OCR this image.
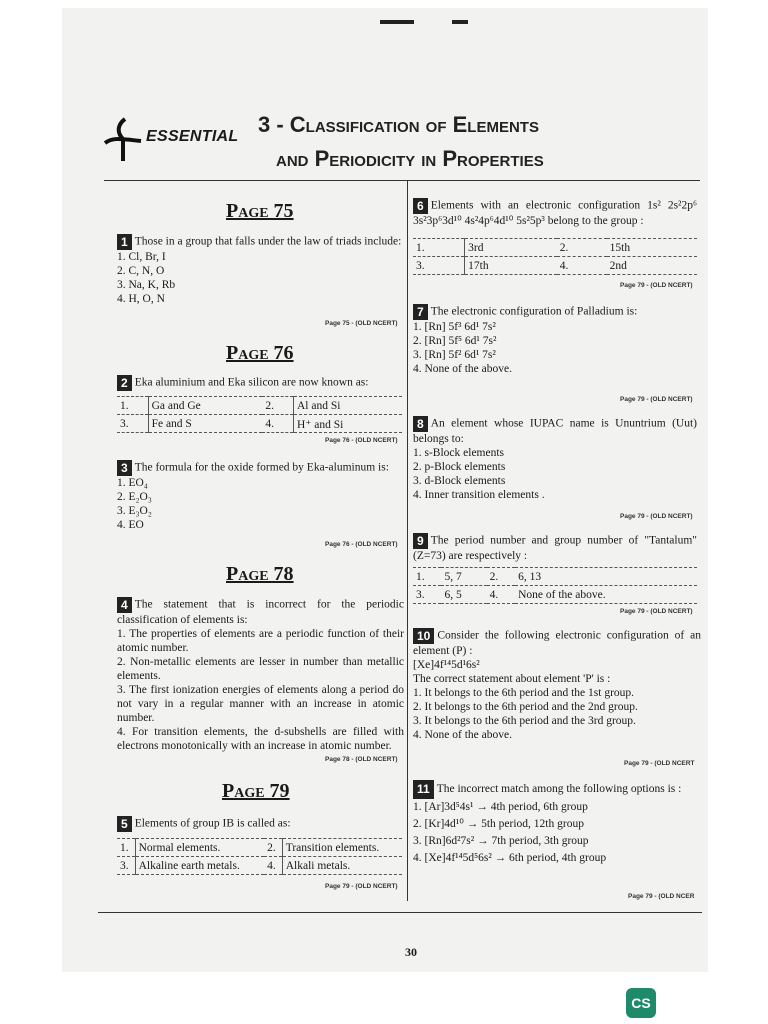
ESSENTIAL 3 - Classification of Elements
and Periodicity in Properties
Page 75
1 Those in a group that falls under the law of triads include:
1. Cl, Br, I
2. C, N, O
3. Na, K, Rb
4. H, O, N
Page 75 - (OLD NCERT)
Page 76
2 Eka aluminium and Eka silicon are now known as:
1.	Ga and Ge	2.	Al and Si
3.	Fe and S	4.	H⁺ and Si
Page 76 - (OLD NCERT)
3 The formula for the oxide formed by Eka-aluminum is:
1. EO₄
2. E₂O₃
3. E₃O₂
4. EO
Page 76 - (OLD NCERT)
Page 78
4 The statement that is incorrect for the periodic classification of elements is:
1. The properties of elements are a periodic function of their atomic number.
2. Non-metallic elements are lesser in number than metallic elements.
3. The first ionization energies of elements along a period do not vary in a regular manner with an increase in atomic number.
4. For transition elements, the d-subshells are filled with electrons monotonically with an increase in atomic number.
Page 78 - (OLD NCERT)
Page 79
5 Elements of group IB is called as:
1.	Normal elements.	2.	Transition elements.
3.	Alkaline earth metals.	4.	Alkali metals.
Page 79 - (OLD NCERT)
6 Elements with an electronic configuration 1s² 2s²2p⁶ 3s²3p⁶3d¹⁰ 4s²4p⁶4d¹⁰ 5s²5p³ belong to the group :
1.	3rd	2.	15th
3.	17th	4.	2nd
Page 79 - (OLD NCERT)
7 The electronic configuration of Palladium is:
1. [Rn] 5f³ 6d¹ 7s²
2. [Rn] 5f⁵ 6d¹ 7s²
3. [Rn] 5f² 6d¹ 7s²
4. None of the above.
Page 79 - (OLD NCERT)
8 An element whose IUPAC name is Ununtrium (Uut) belongs to:
1. s-Block elements
2. p-Block elements
3. d-Block elements
4. Inner transition elements .
Page 79 - (OLD NCERT)
9 The period number and group number of "Tantalum" (Z=73) are respectively :
1.	5, 7	2.	6, 13
3.	6, 5	4.	None of the above.
Page 79 - (OLD NCERT)
10 Consider the following electronic configuration of an element (P) :
[Xe]4f¹⁴5d¹6s²
The correct statement about element 'P' is :
1. It belongs to the 6th period and the 1st group.
2. It belongs to the 6th period and the 2nd group.
3. It belongs to the 6th period and the 3rd group.
4. None of the above.
Page 79 - (OLD NCERT
11 The incorrect match among the following options is :
1. [Ar]3d⁵4s¹ → 4th period, 6th group
2. [Kr]4d¹⁰ → 5th period, 12th group
3. [Rn]6d²7s² → 7th period, 3th group
4. [Xe]4f¹⁴5d⁵6s² → 6th period, 4th group
Page 79 - (OLD NCER
30
CS
